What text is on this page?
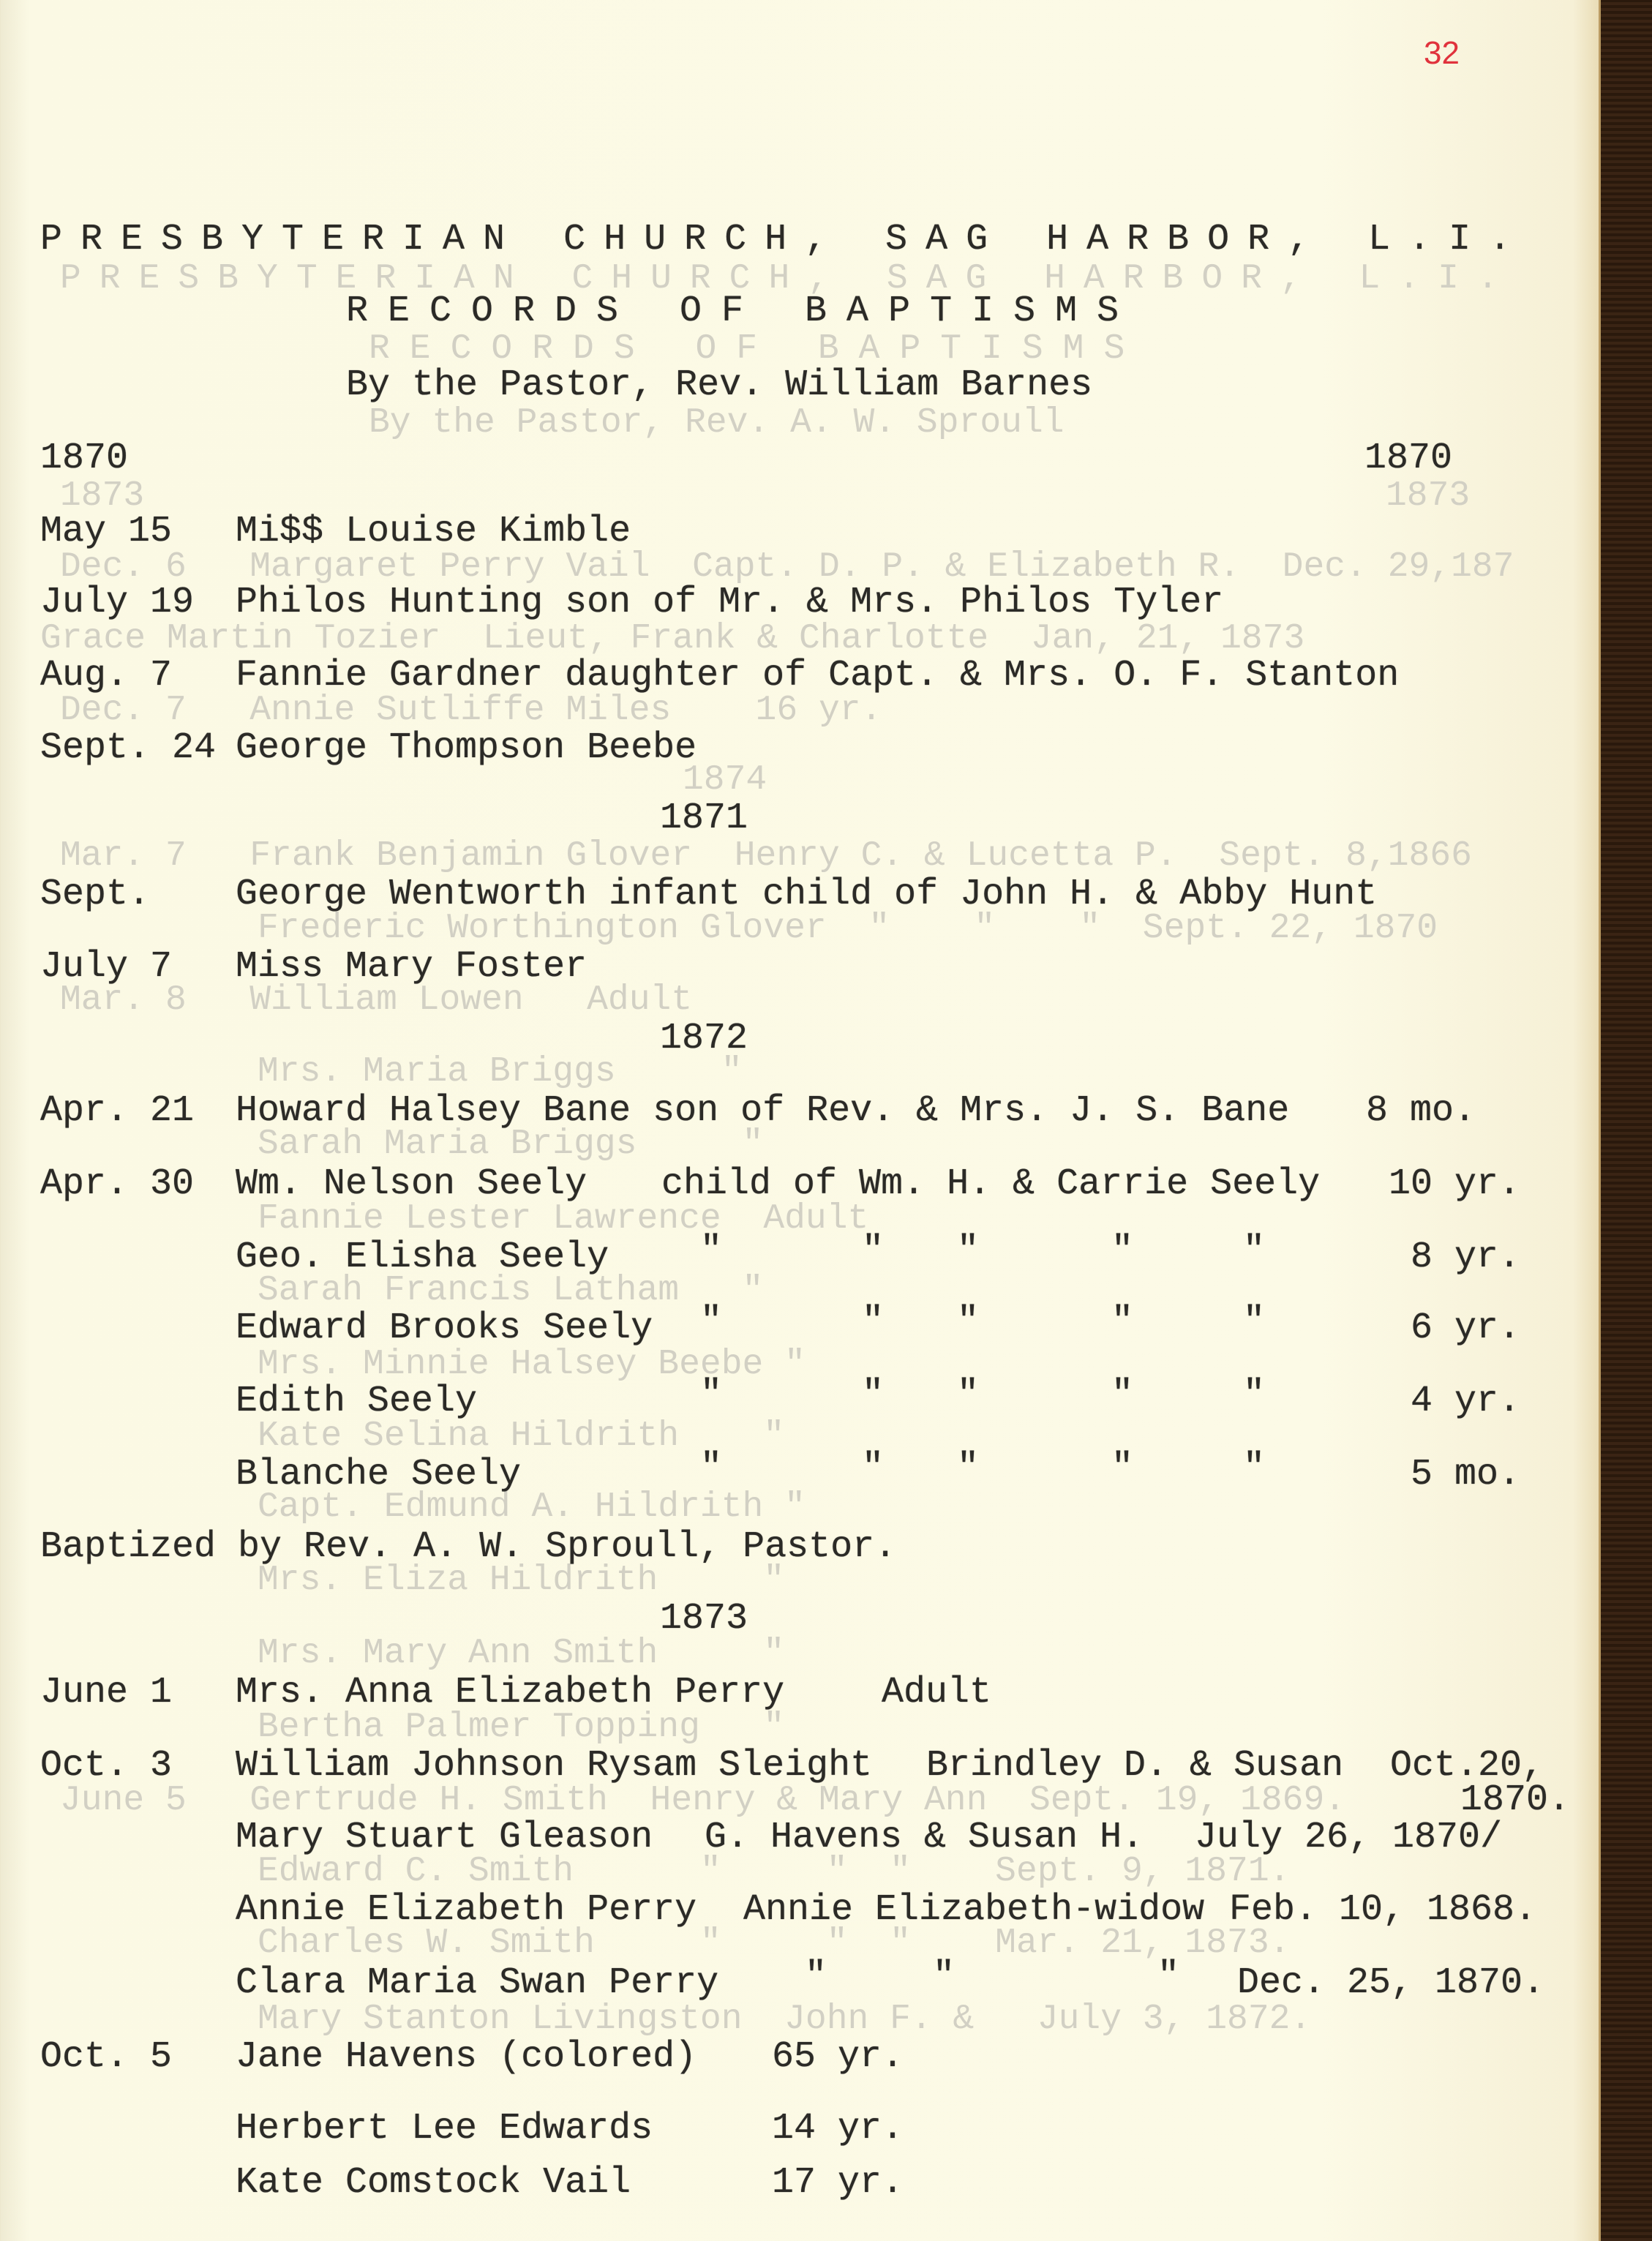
32
PRESBYTERIAN CHURCH, SAG HARBOR, L.I.
RECORDS OF BAPTISMS
By the Pastor, Rev. A. W. Sproull
1873	1873
Dec. 6   Margaret Perry Vail  Capt. D. P. & Elizabeth R.  Dec. 29,187
Grace Martin Tozier  Lieut, Frank & Charlotte  Jan, 21, 1873
Dec. 7   Annie Sutliffe Miles    16 yr.
1874
Mar. 7   Frank Benjamin Glover  Henry C. & Lucetta P.  Sept. 8,1866
Frederic Worthington Glover  "    "    "  Sept. 22, 1870
Mar. 8   William Lowen   Adult
Mrs. Maria Briggs     "
Sarah Maria Briggs     "
Fannie Lester Lawrence  Adult
Sarah Francis Latham   "
Mrs. Minnie Halsey Beebe "
Kate Selina Hildrith    "
Capt. Edmund A. Hildrith "
Mrs. Eliza Hildrith     "
Mrs. Mary Ann Smith     "
Bertha Palmer Topping   "
June 5   Gertrude H. Smith  Henry & Mary Ann  Sept. 19, 1869.
Edward C. Smith      "     "  "    Sept. 9, 1871.
Charles W. Smith     "     "  "    Mar. 21, 1873.
Mary Stanton Livingston  John F. &   July 3, 1872.
PRESBYTERIAN CHURCH, SAG HARBOR, L.I.
RECORDS OF BAPTISMS
By the Pastor, Rev. William Barnes
1870	1870
May 15 Mi$$ Louise Kimble
July 19 Philos Hunting son of Mr. & Mrs. Philos Tyler
Aug. 7 Fannie Gardner daughter of Capt. & Mrs. O. F. Stanton
Sept. 24 George Thompson Beebe
1871
Sept. George Wentworth infant child of John H. & Abby Hunt
July 7 Miss Mary Foster
1872
Apr. 21 Howard Halsey Bane son of Rev. & Mrs. J. S. Bane 8 mo.
Apr. 30 Wm. Nelson Seely child of Wm. H. & Carrie Seely 10 yr.
Geo. Elisha Seely "	" "	"	"	8 yr.
Edward Brooks Seely "	" "	"	"	6 yr.
Edith Seely	"	" "	"	"	4 yr.
Blanche Seely	"	" "	"	"	5 mo.
Baptized by Rev. A. W. Sproull, Pastor.
1873
June 1 Mrs. Anna Elizabeth Perry	Adult
Oct. 3 William Johnson Rysam Sleight Brindley D. & Susan Oct.20,
1870.
Mary Stuart Gleason G. Havens & Susan H. July 26, 1870/
Annie Elizabeth Perry Annie Elizabeth-widow Feb. 10, 1868.
Clara Maria Swan Perry "	"	" Dec. 25, 1870.
Oct. 5 Jane Havens (colored) 65 yr.
Herbert Lee Edwards	14 yr.
Kate Comstock Vail	17 yr.
